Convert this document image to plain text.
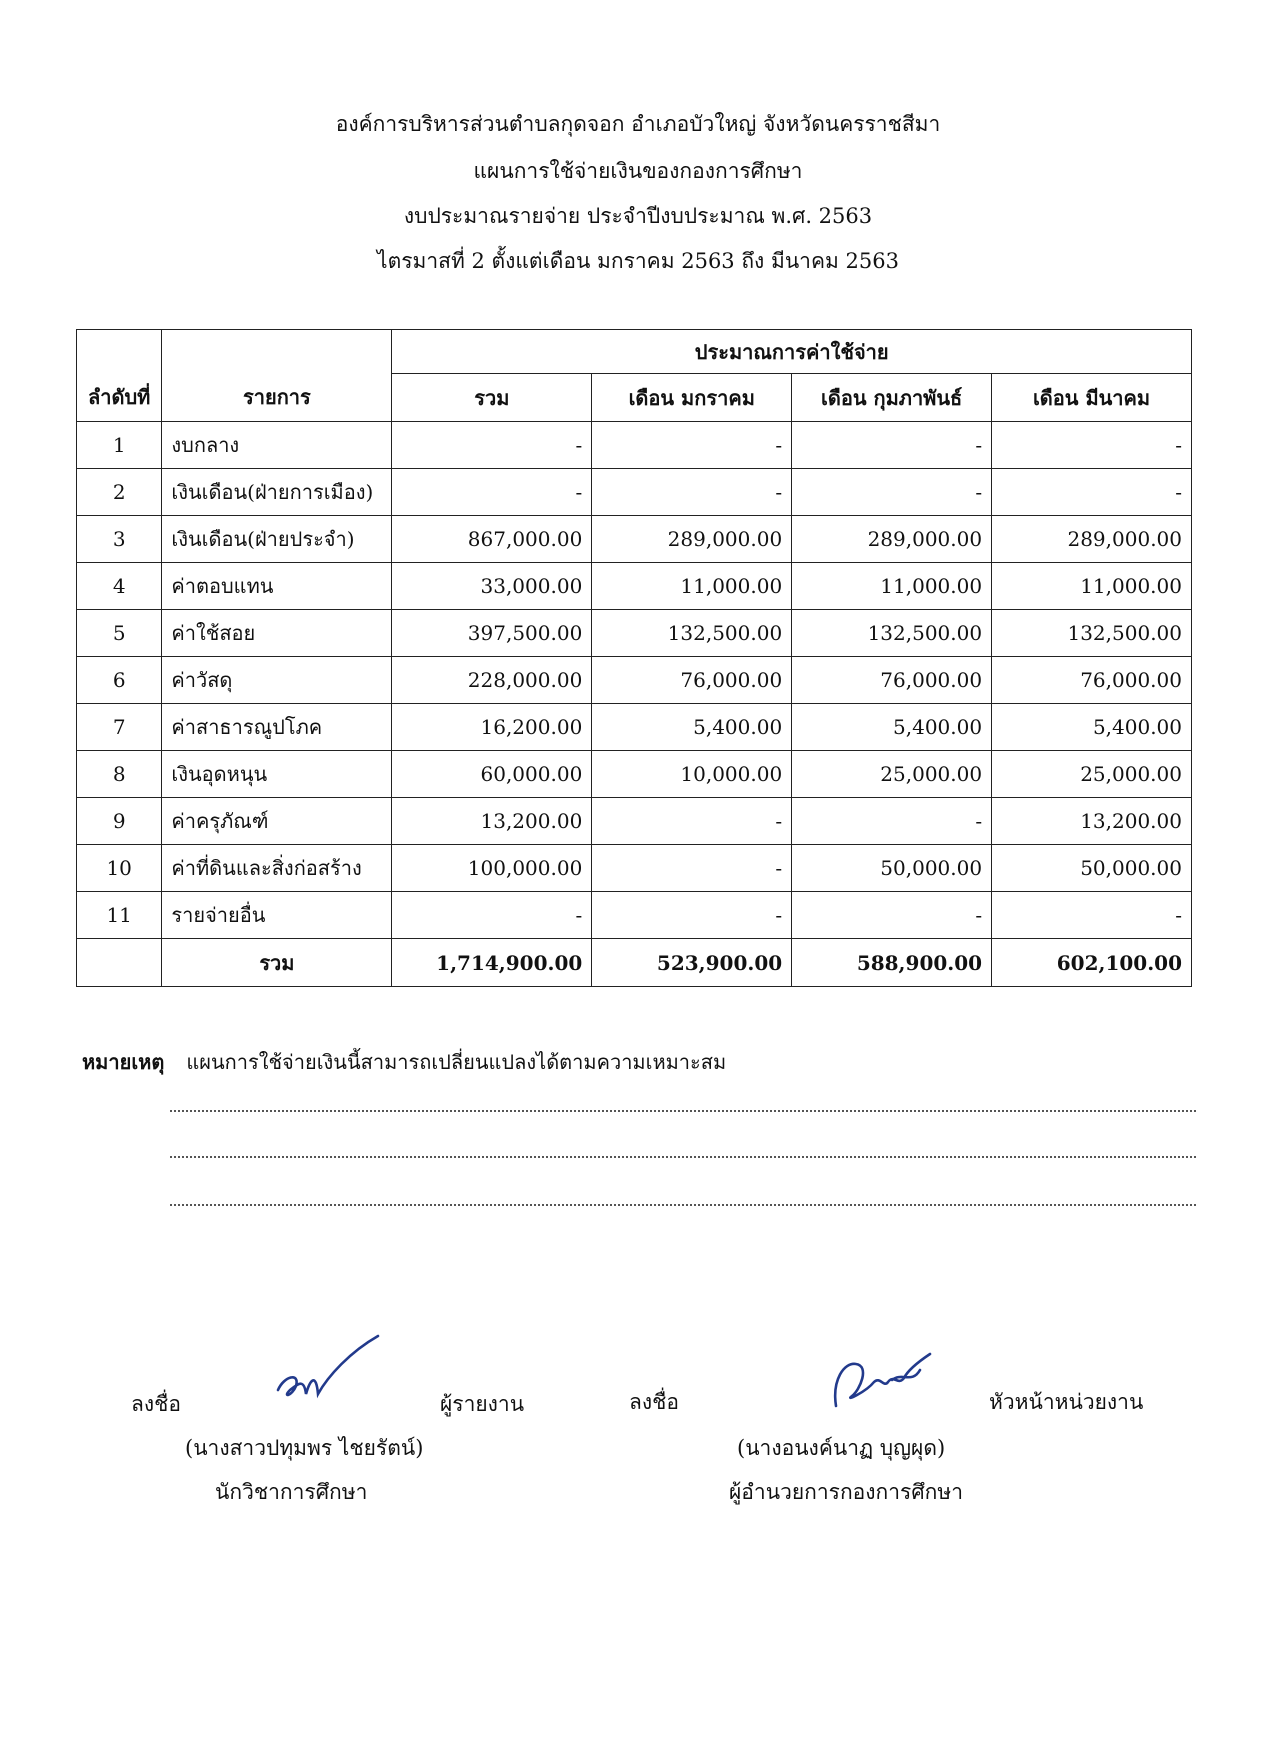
องค์การบริหารส่วนตำบลกุดจอก อำเภอบัวใหญ่ จังหวัดนครราชสีมา
แผนการใช้จ่ายเงินของกองการศึกษา
งบประมาณรายจ่าย ประจำปีงบประมาณ พ.ศ. 2563
ไตรมาสที่ 2 ตั้งแต่เดือน มกราคม 2563 ถึง มีนาคม 2563
ลำดับที่	รายการ	ประมาณการค่าใช้จ่าย			
		รวม	เดือน มกราคม	เดือน กุมภาพันธ์	เดือน มีนาคม
1	งบกลาง	-	-	-	-
2	เงินเดือน(ฝ่ายการเมือง)	-	-	-	-
3	เงินเดือน(ฝ่ายประจำ)	867,000.00	289,000.00	289,000.00	289,000.00
4	ค่าตอบแทน	33,000.00	11,000.00	11,000.00	11,000.00
5	ค่าใช้สอย	397,500.00	132,500.00	132,500.00	132,500.00
6	ค่าวัสดุ	228,000.00	76,000.00	76,000.00	76,000.00
7	ค่าสาธารณูปโภค	16,200.00	5,400.00	5,400.00	5,400.00
8	เงินอุดหนุน	60,000.00	10,000.00	25,000.00	25,000.00
9	ค่าครุภัณฑ์	13,200.00	-	-	13,200.00
10	ค่าที่ดินและสิ่งก่อสร้าง	100,000.00	-	50,000.00	50,000.00
11	รายจ่ายอื่น	-	-	-	-
	รวม	1,714,900.00	523,900.00	588,900.00	602,100.00
หมายเหตุ แผนการใช้จ่ายเงินนี้สามารถเปลี่ยนแปลงได้ตามความเหมาะสม
ลงชื่อ	ผู้รายงาน
(นางสาวปทุมพร ไชยรัตน์)
นักวิชาการศึกษา
ลงชื่อ	หัวหน้าหน่วยงาน
(นางอนงค์นาฏ บุญผุด)
ผู้อำนวยการกองการศึกษา
